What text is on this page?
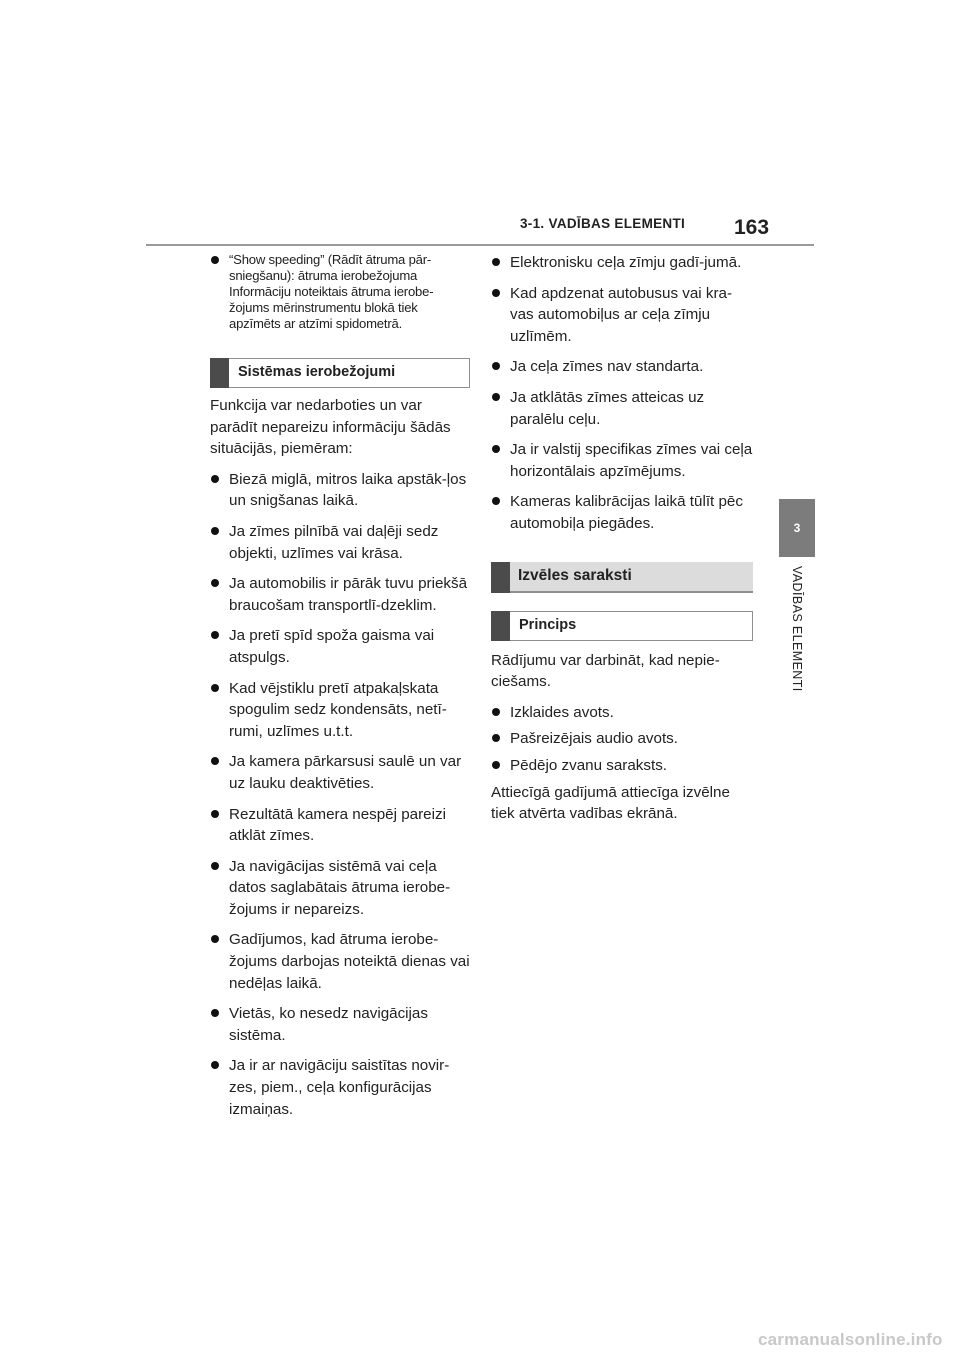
3-1. VADĪBAS ELEMENTI 163
3
VADĪBAS ELEMENTI
“Show speeding” (Rādīt ātruma pār-sniegšanu): ātruma ierobežojuma Informāciju noteiktais ātruma ierobe-žojums mērinstrumentu blokā tiek apzīmēts ar atzīmi spidometrā.
Sistēmas ierobežojumi
Funkcija var nedarboties un var parādīt nepareizu informāciju šādās situācijās, piemēram:
Biezā miglā, mitros laika apstāk-ļos un snigšanas laikā.
Ja zīmes pilnībā vai daļēji sedz objekti, uzlīmes vai krāsa.
Ja automobilis ir pārāk tuvu priekšā braucošam transportlī-dzeklim.
Ja pretī spīd spoža gaisma vai atspulgs.
Kad vējstiklu pretī atpakaļskata spogulim sedz kondensāts, netī-rumi, uzlīmes u.t.t.
Ja kamera pārkarsusi saulē un var uz lauku deaktivēties.
Rezultātā kamera nespēj pareizi atklāt zīmes.
Ja navigācijas sistēmā vai ceļa datos saglabātais ātruma ierobe-žojums ir nepareizs.
Gadījumos, kad ātruma ierobe-žojums darbojas noteiktā dienas vai nedēļas laikā.
Vietās, ko nesedz navigācijas sistēma.
Ja ir ar navigāciju saistītas novir-zes, piem., ceļa konfigurācijas izmaiņas.
Elektronisku ceļa zīmju gadī-jumā.
Kad apdzenat autobusus vai kra-vas automobiļus ar ceļa zīmju uzlīmēm.
Ja ceļa zīmes nav standarta.
Ja atklātās zīmes atteicas uz paralēlu ceļu.
Ja ir valstij specifikas zīmes vai ceļa horizontālais apzīmējums.
Kameras kalibrācijas laikā tūlīt pēc automobiļa piegādes.
Izvēles saraksti
Princips
Rādījumu var darbināt, kad nepie-ciešams.
Izklaides avots.
Pašreizējais audio avots.
Pēdējo zvanu saraksts.
Attiecīgā gadījumā attiecīga izvēlne tiek atvērta vadības ekrānā.
carmanualsonline.info
